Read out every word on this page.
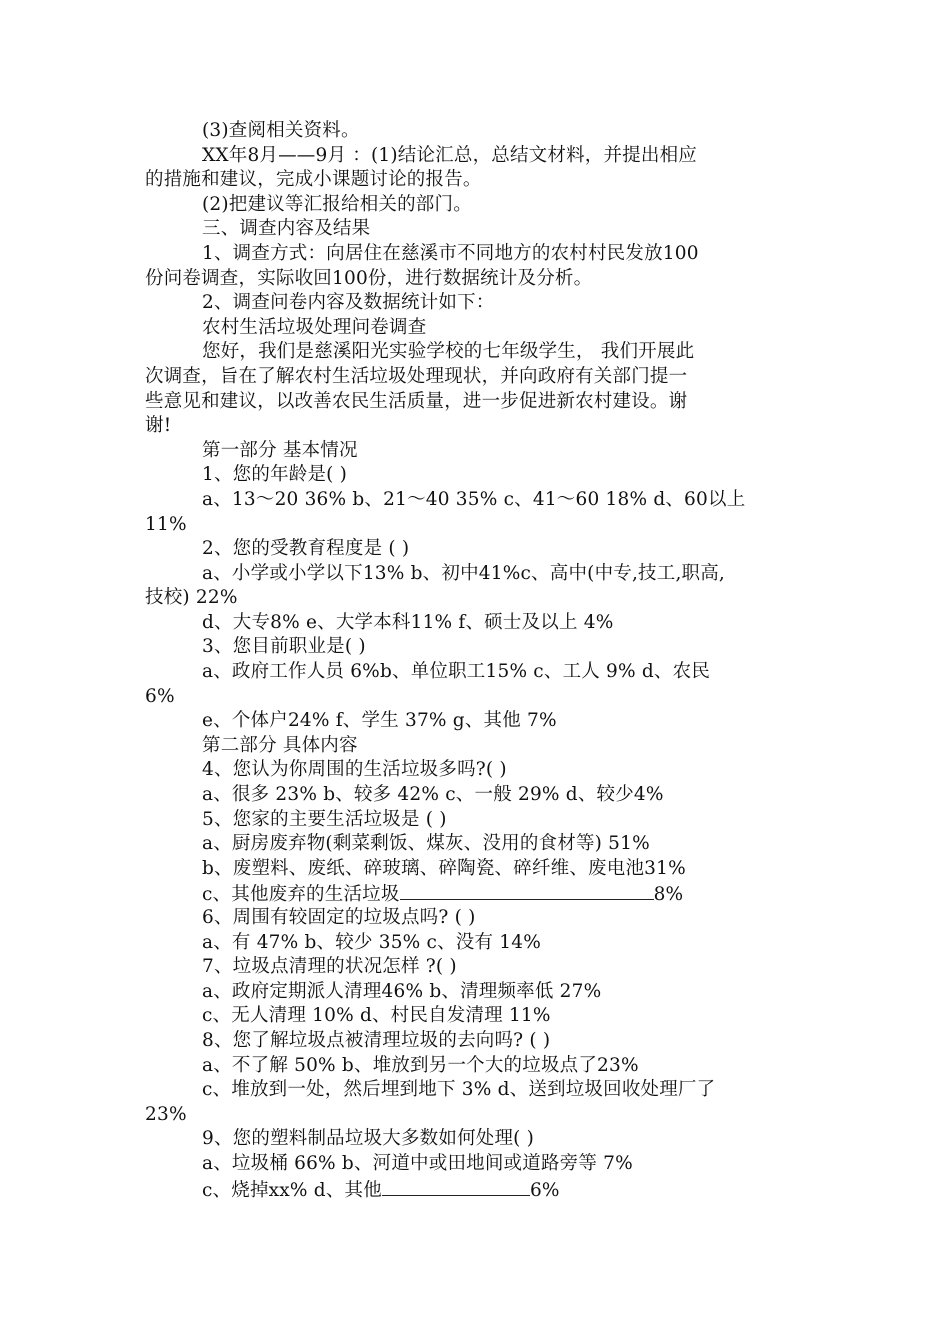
(3)查阅相关资料。
XX年8月——9月 ：(1)结论汇总，总结文材料，并提出相应
的措施和建议，完成小课题讨论的报告。
(2)把建议等汇报给相关的部门。
三、调查内容及结果
1、调查方式：向居住在慈溪市不同地方的农村村民发放100
份问卷调查，实际收回100份，进行数据统计及分析。
2、调查问卷内容及数据统计如下：
农村生活垃圾处理问卷调查
您好，我们是慈溪阳光实验学校的七年级学生， 我们开展此
次调查，旨在了解农村生活垃圾处理现状，并向政府有关部门提一
些意见和建议，以改善农民生活质量，进一步促进新农村建设。谢
谢!
第一部分 基本情况
1、您的年龄是( )
a、13～20 36% b、21～40 35% c、41～60 18% d、60以上
11%
2、您的受教育程度是 ( )
a、小学或小学以下13% b、初中41%c、高中(中专,技工,职高,
技校) 22%
d、大专8% e、大学本科11% f、硕士及以上 4%
3、您目前职业是( )
a、政府工作人员 6%b、单位职工15% c、工人 9% d、农民
6%
e、个体户24% f、学生 37% g、其他 7%
第二部分 具体内容
4、您认为你周围的生活垃圾多吗?( )
a、很多 23% b、较多 42% c、一般 29% d、较少4%
5、您家的主要生活垃圾是 ( )
a、厨房废弃物(剩菜剩饭、煤灰、没用的食材等) 51%
b、废塑料、废纸、碎玻璃、碎陶瓷、碎纤维、废电池31%
c、其他废弃的生活垃圾	8%
6、周围有较固定的垃圾点吗? ( )
a、有 47% b、较少 35% c、没有 14%
7、垃圾点清理的状况怎样 ?( )
a、政府定期派人清理46% b、清理频率低 27%
c、无人清理 10% d、村民自发清理 11%
8、您了解垃圾点被清理垃圾的去向吗? ( )
a、不了解 50% b、堆放到另一个大的垃圾点了23%
c、堆放到一处，然后埋到地下 3% d、送到垃圾回收处理厂了
23%
9、您的塑料制品垃圾大多数如何处理( )
a、垃圾桶 66% b、河道中或田地间或道路旁等 7%
c、烧掉xx% d、其他	6%
